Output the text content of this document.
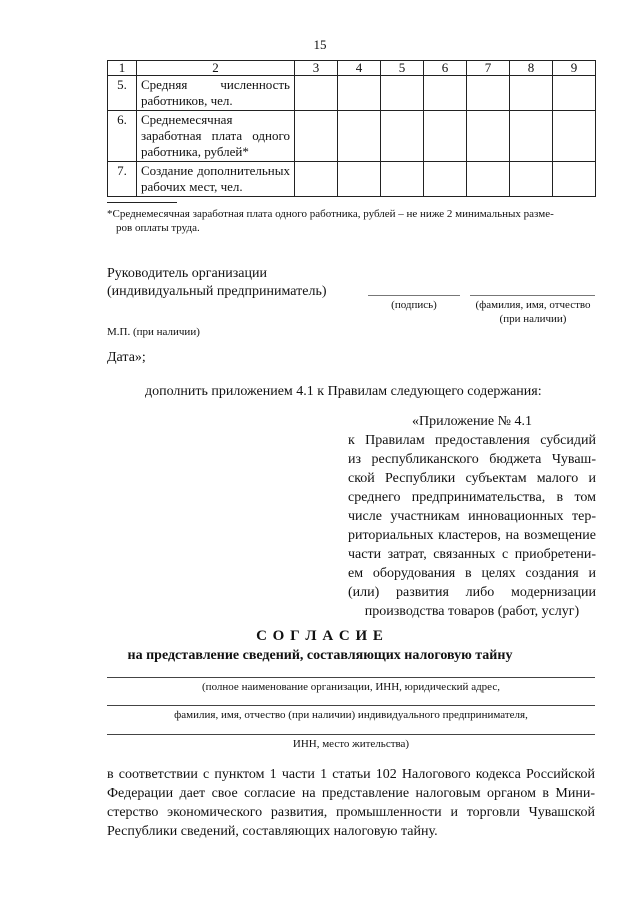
15
1	2	3	4	5	6	7	8	9
5.	Средняя численность работников, чел.							
6.	Среднемесячная заработная плата одного работника, рублей*							
7.	Создание дополнительных рабочих мест, чел.							
*Среднемесячная заработная плата одного работника, рублей – не ниже 2 минимальных разме-
ров оплаты труда.
Руководитель организации
(индивидуальный предприниматель)
(подпись)	(фамилия, имя, отчество
(при наличии)
М.П. (при наличии)
Дата»;
дополнить приложением 4.1 к Правилам следующего содержания:
«Приложение № 4.1
к Правилам предоставления субсидий
из республиканского бюджета Чуваш-
ской Республики субъектам малого и
среднего предпринимательства, в том
числе участникам инновационных тер-
риториальных кластеров, на возмещение
части затрат, связанных с приобретени-
ем оборудования в целях создания и
(или) развития либо модернизации
производства товаров (работ, услуг)
С О Г Л А С И Е
на представление сведений, составляющих налоговую тайну
(полное наименование организации, ИНН, юридический адрес,
фамилия, имя, отчество (при наличии) индивидуального предпринимателя,
ИНН, место жительства)
в соответствии с пунктом 1 части 1 статьи 102 Налогового кодекса Российской
Федерации дает свое согласие на представление налоговым органом в Мини-
стерство экономического развития, промышленности и торговли Чувашской
Республики сведений, составляющих налоговую тайну.
